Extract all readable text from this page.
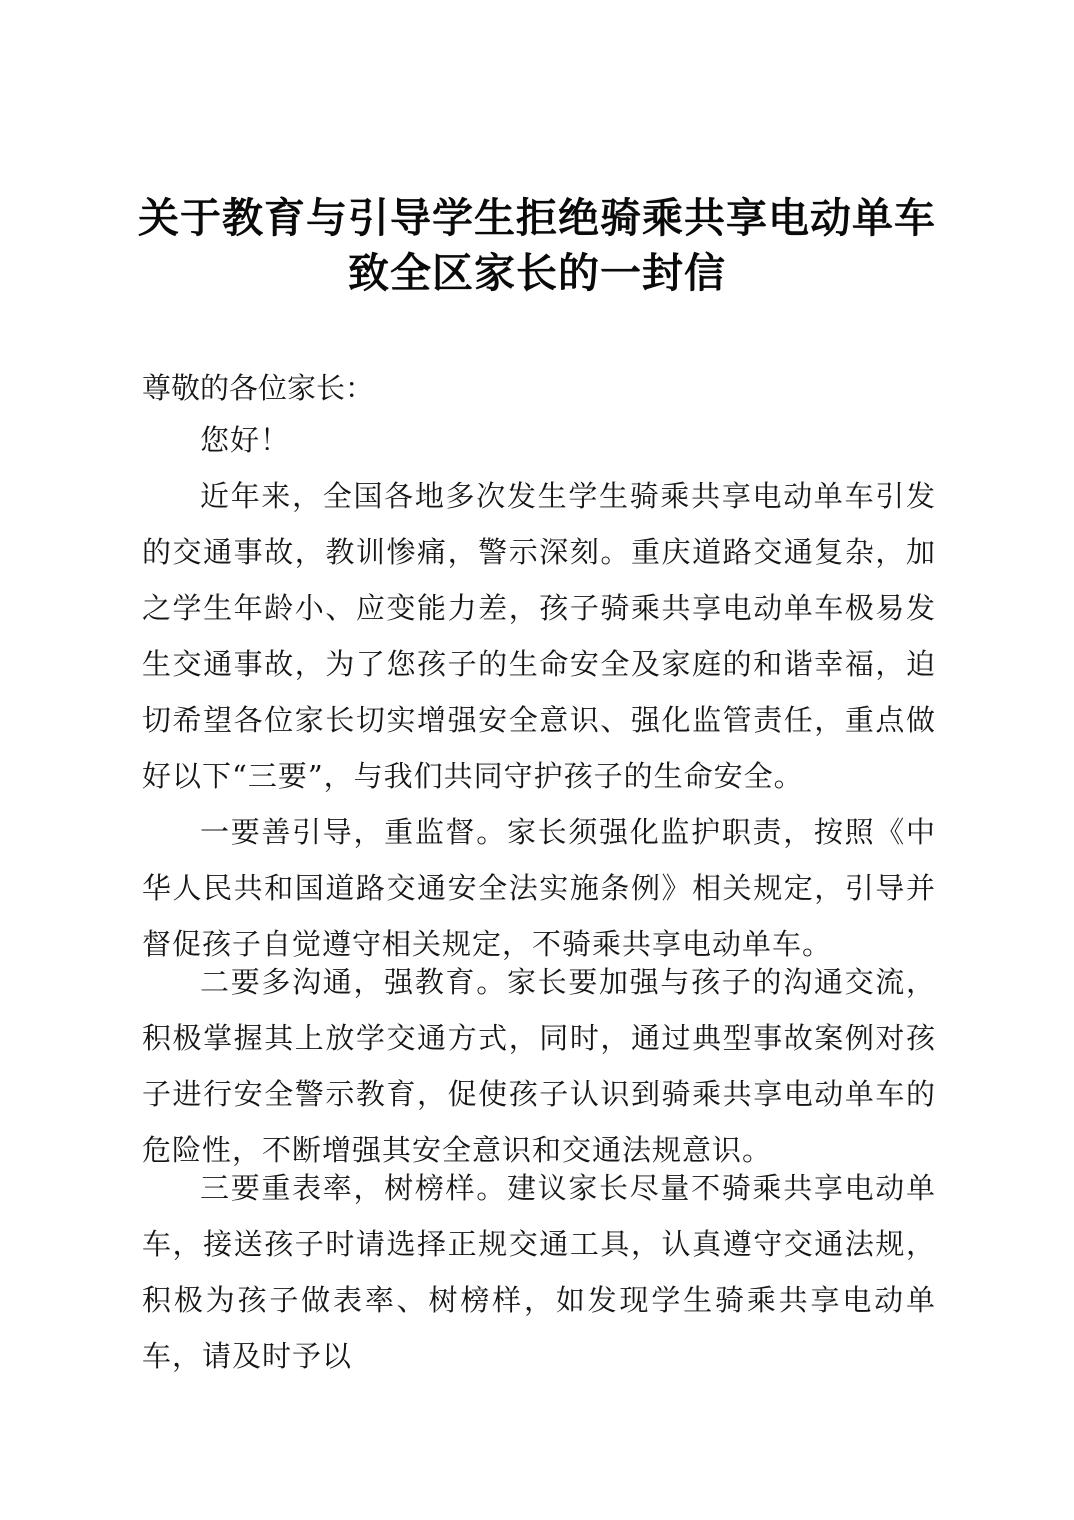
关于教育与引导学生拒绝骑乘共享电动单车
致全区家长的一封信
尊敬的各位家长：
您好！
近年来，全国各地多次发生学生骑乘共享电动单车引发的交通事故，教训惨痛，警示深刻。重庆道路交通复杂，加之学生年龄小、应变能力差，孩子骑乘共享电动单车极易发生交通事故，为了您孩子的生命安全及家庭的和谐幸福，迫切希望各位家长切实增强安全意识、强化监管责任，重点做好以下“三要”，与我们共同守护孩子的生命安全。
一要善引导，重监督。家长须强化监护职责，按照《中华人民共和国道路交通安全法实施条例》相关规定，引导并督促孩子自觉遵守相关规定，不骑乘共享电动单车。
二要多沟通，强教育。家长要加强与孩子的沟通交流，积极掌握其上放学交通方式，同时，通过典型事故案例对孩子进行安全警示教育，促使孩子认识到骑乘共享电动单车的危险性，不断增强其安全意识和交通法规意识。
三要重表率，树榜样。建议家长尽量不骑乘共享电动单车，接送孩子时请选择正规交通工具，认真遵守交通法规，积极为孩子做表率、树榜样，如发现学生骑乘共享电动单车，请及时予以
